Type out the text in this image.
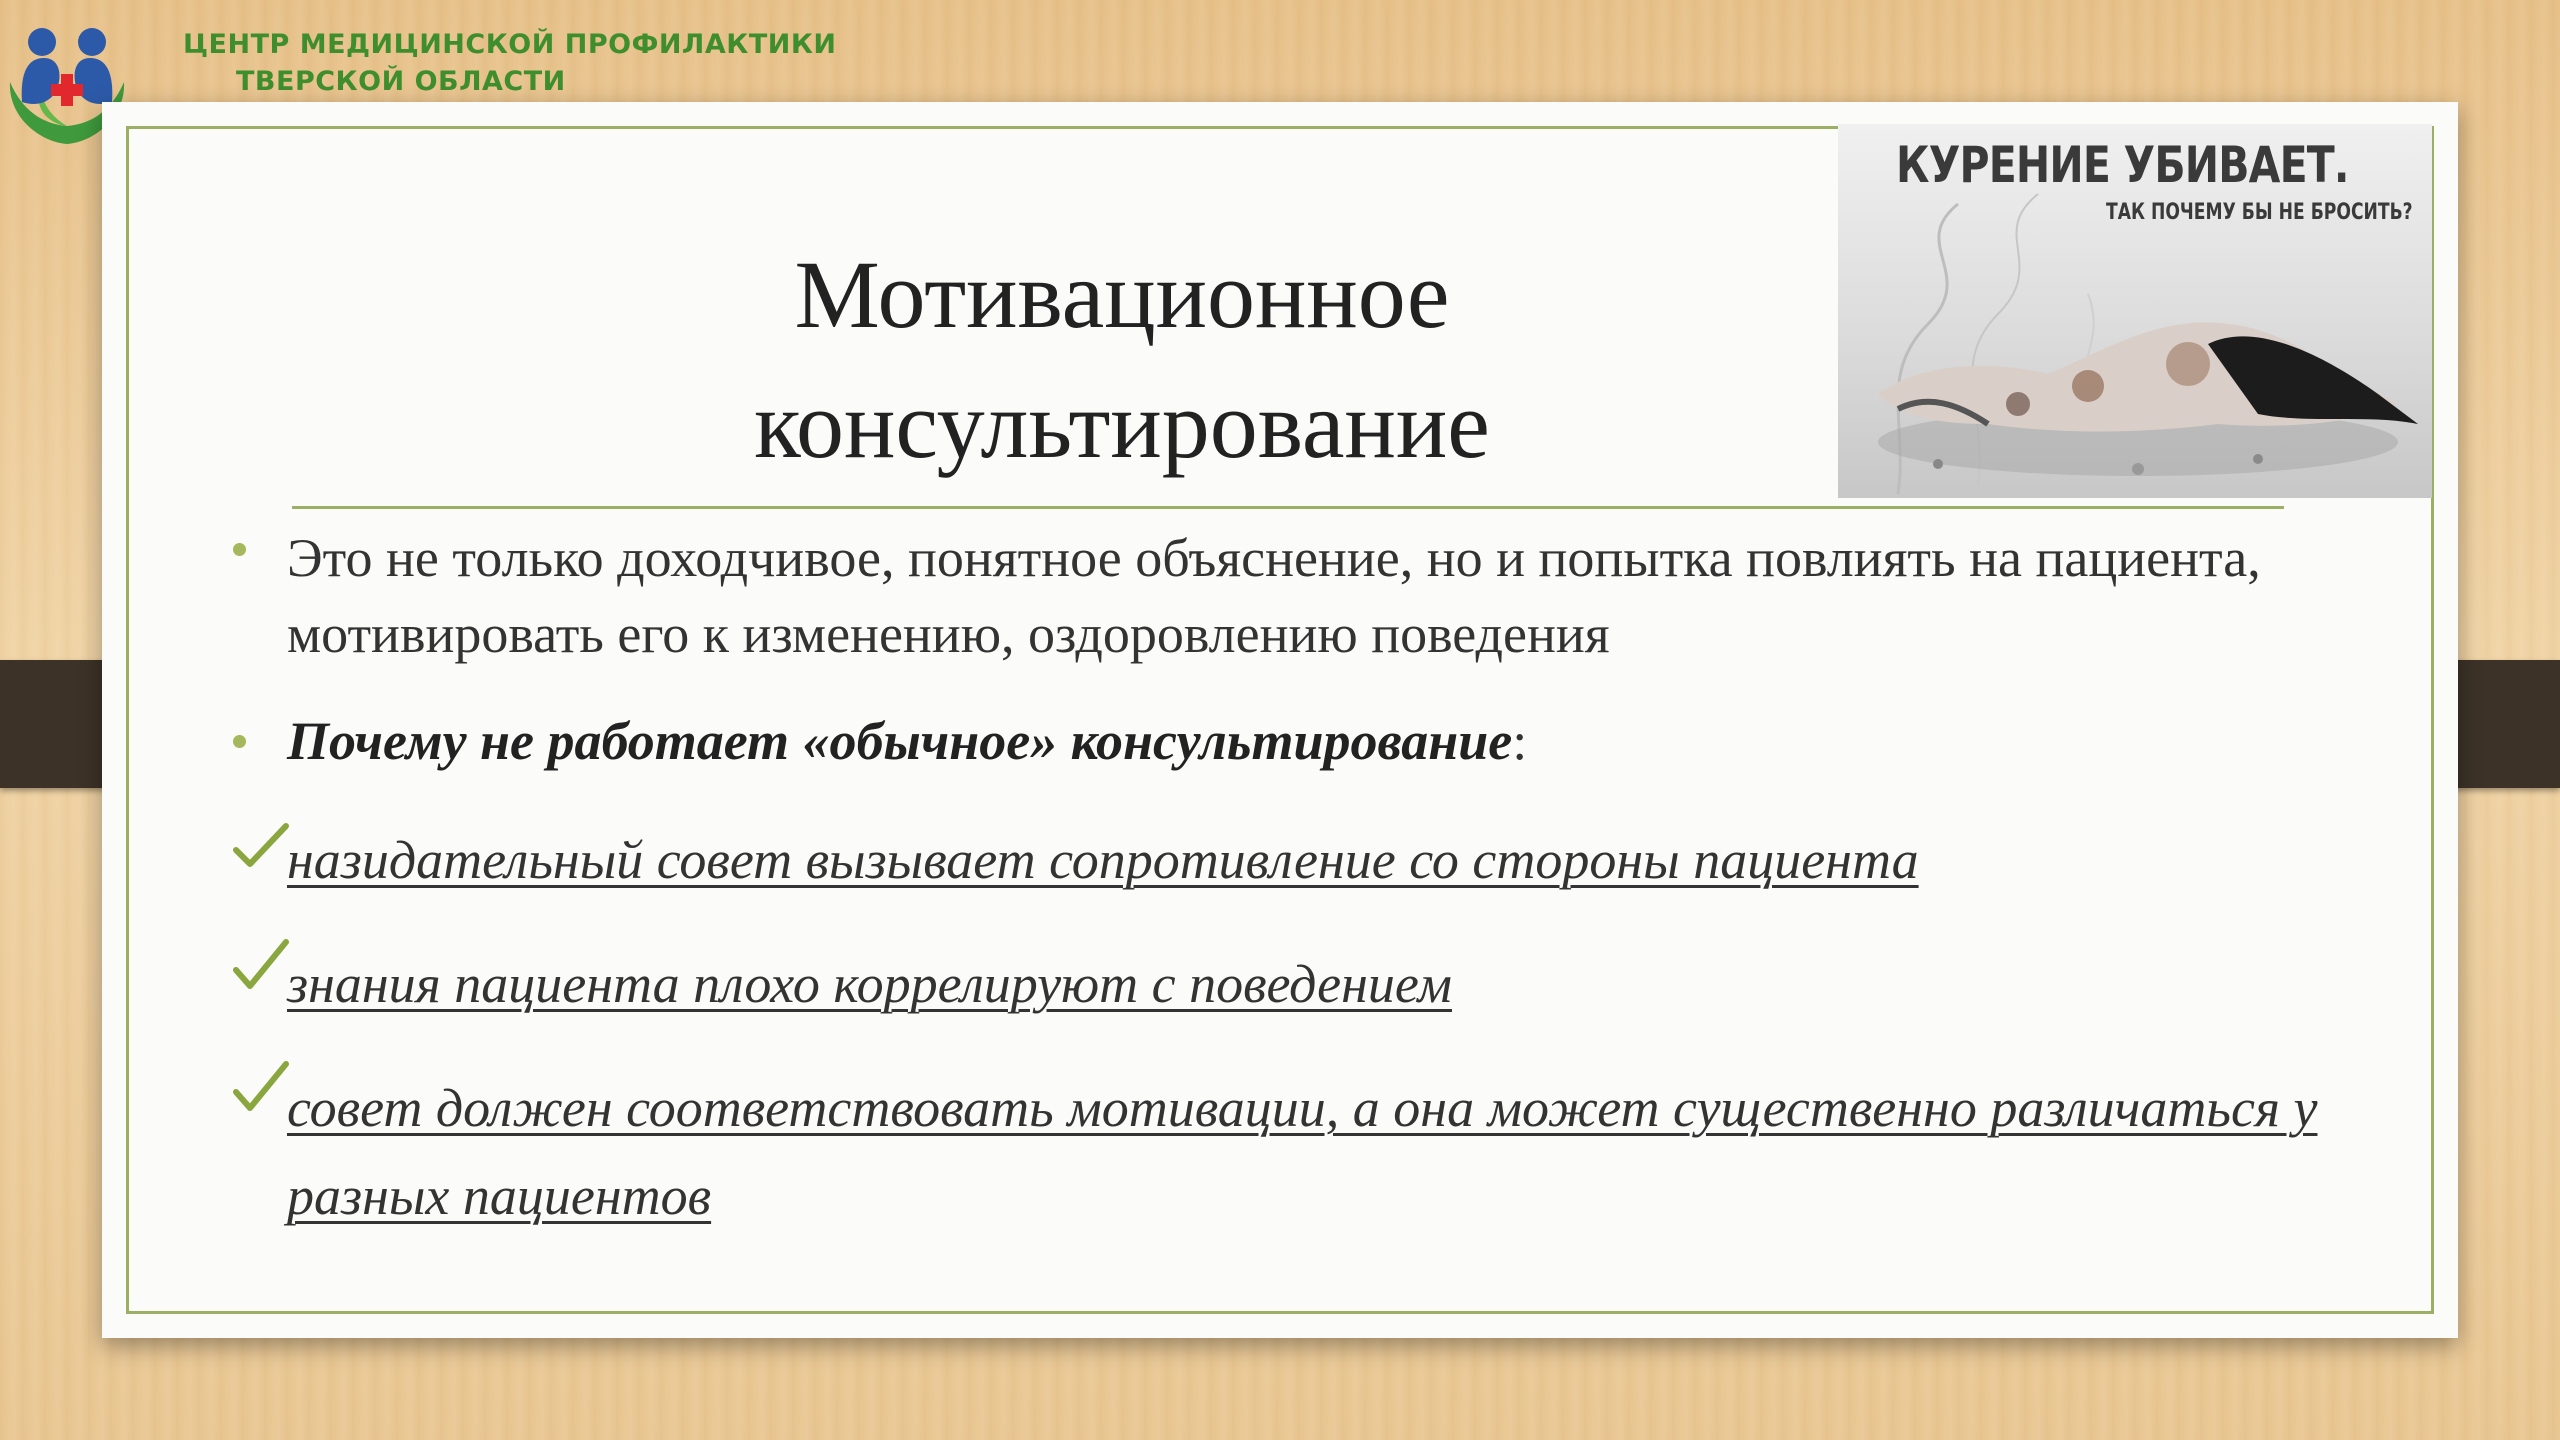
ЦЕНТР МЕДИЦИНСКОЙ ПРОФИЛАКТИКИ
ТВЕРСКОЙ ОБЛАСТИ
Мотивационное
консультирование
КУРЕНИЕ УБИВАЕТ.
ТАК ПОЧЕМУ БЫ НЕ БРОСИТЬ?
Это не только доходчивое, понятное объяснение, но и попытка повлиять на пациента, мотивировать его к изменению, оздоровлению поведения
Почему не работает «обычное» консультирование:
назидательный совет вызывает сопротивление со стороны пациента
знания пациента плохо коррелируют с поведением
совет должен соответствовать мотивации, а она может существенно различаться у разных пациентов
